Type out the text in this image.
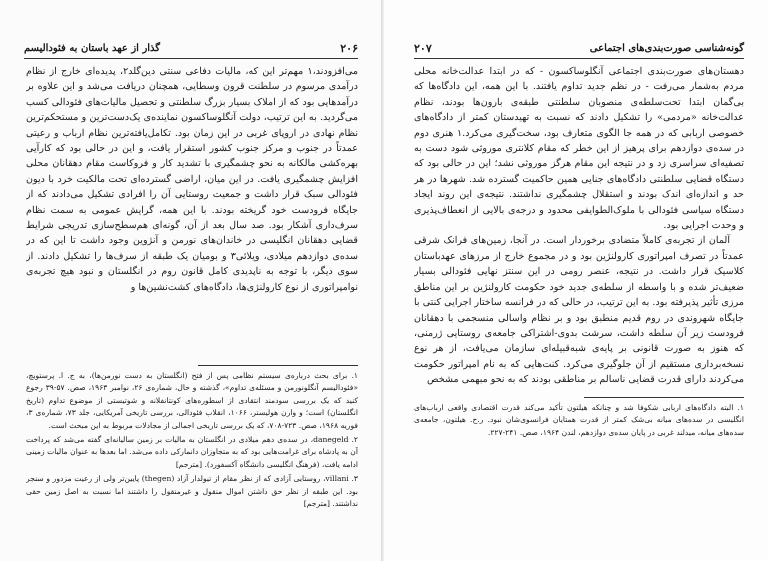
۲۰۶
گذار از عهد باستان به فئودالیسم

می‌افزودند،۱ مهم‌تر این که، مالیات دفاعی سنتی دین‌گلد۲، پدیده‌ای خارج از نظام درآمدی مرسوم در سلطنت قرون وسطایی، همچنان دریافت می‌شد و این علاوه بر درآمدهایی بود که از املاک بسیار بزرگ سلطنتی و تحصیل مالیات‌های فئودالی کسب می‌گردید. به این ترتیب، دولت آنگلوساکسون نماینده‌ی یک‌دست‌ترین و مستحکم‌ترین نظام نهادی در اروپای غربی در این زمان بود. تکامل‌یافته‌ترین نظام ارباب و رعیتی عمدتاً در جنوب و مرکز جنوب کشور استقرار یافت، و این در حالی بود که کارآیی بهره‌کشی مالکانه به نحو چشمگیری با تشدید کار و فروکاست مقام دهقانان محلی افزایش چشمگیری یافت. در این میان، اراضی گسترده‌ای تحت مالکیت خرد با دیون فئودالی سبک قرار داشت و جمعیت روستایی آن را افرادی تشکیل می‌دادند که از جایگاه فرودست خود گریخته بودند. با این همه، گرایش عمومی به سمت نظام سرف‌داری آشکار بود. صد سال بعد از آن، گونه‌ای هم‌سطح‌سازی تدریجی شرایط قضایی دهقانان انگلیسی در خاندان‌های نورمن و آنژوین وجود داشت تا این که در سده‌ی دوازدهم میلادی، ویلائی۳ و بومیان یک طبقه از سرف‌ها را تشکیل دادند. از سوی دیگر، با توجه به ناپدیدی کامل قانون روم در انگلستان و نبود هیچ تجربه‌ی نوامپراتوری از نوع کارولنژی‌ها، دادگاه‌های کشت‌نشین‌ها و

۱. برای بحث درباره‌ی سیستم نظامی پس از فتح (انگلستان به دست نورمن‌ها)، به ج. ا. پرستویچ، «فئودالیسم آنگلونورمن و مسئله‌ی تداوم»، گذشته و حال، شماره‌ی ۲۶، نوامبر ۱۹۶۳، صص. ۵۷-۳۹ رجوع کنید که یک بررسی سودمند انتقادی از اسطوره‌های کونتانفلانه و شوتیستی از موضوع تداوم (تاریخ انگلستان) است؛ و وارن هولیستر، ۱۰۶۶، انقلاب فئودالی، بررسی تاریخی آمریکایی، جلد ۷۳، شماره‌ی ۳، فوریه ۱۹۶۸، صص. ۷۲۳-۷۰۸، که یک بررسی تاریخی اجمالی از مجادلات مربوط به این مبحث است.

۲. danegeld، در سده‌ی دهم میلادی در انگلستان به مالیات بر زمین سالیانه‌ای گفته می‌شد که پرداخت آن به پادشاه برای غرامت‌هایی بود که به متجاوزان دانمارکی داده می‌شد. اما بعدها به عنوان مالیات زمینی ادامه یافت، (فرهنگ انگلیسی دانشگاه آکسفورد). [مترجم]

۳. villani، روستایی آزادی که از نظر مقام از تیولدار آزاد (thegen) پایین‌تر ولی از رعیت مزدور و سنجر بود. این طبقه از نظر حق داشتن اموال منقول و غیرمنقول را داشتند اما نسبت به اصل زمین حقی نداشتند. [مترجم]

گونه‌شناسی صورت‌بندی‌های اجتماعی
۲۰۷

دهستان‌های صورت‌بندی اجتماعی آنگلوساکسون - که در ابتدا عدالت‌خانه محلی مردم به‌شمار می‌رفت - در نظم جدید تداوم یافتند. با این همه، این دادگاه‌ها که بی‌گمان ابتدا تحت‌سلطه‌ی منصوبان سلطنتی طبقه‌ی بارون‌ها بودند، نظام عدالت‌خانه «مردمی» را تشکیل دادند که نسبت به تهیدستان کمتر از دادگاه‌های خصوصی اربابی که در همه جا الگوی متعارف بود، سخت‌گیری می‌کرد.۱ هنری دوم در سده‌ی دوازدهم برای پرهیز از این خطر که مقام کلانتری موروثی شود دست به تصفیه‌ای سراسری زد و در نتیجه این مقام هرگز موروثی نشد؛ این در حالی بود که دستگاه قضایی سلطنتی دادگاه‌های جنایی همین حاکمیت گسترده شد. شهرها در هر حد و اندازه‌ای اندک بودند و استقلال چشمگیری نداشتند. نتیجه‌ی این روند ایجاد دستگاه سیاسی فئودالی با ملوک‌الطوایفی محدود و درجه‌ی بالایی از انعطاف‌پذیری و وحدت اجرایی بود.

آلمان از تجربه‌ی کاملاً متضادی برخوردار است. در آنجا، زمین‌های فرانک شرقی عمدتاً در تصرف امپراتوری کارولنژین بود و در مجموع خارج از مرزهای عهدباستان کلاسیک قرار داشت. در نتیجه، عنصر رومی در این سنتز نهایی فئودالی بسیار ضعیف‌تر شده و با واسطه از سلطه‌ی جدید خود حکومت کارولنژین بر این مناطق مرزی تأثیر پذیرفته بود. به این ترتیب، در حالی که در فرانسه ساختار اجرایی کنتی با جایگاه شهروندی در روم قدیم منطبق بود و بر نظام واسالی منسجمی با دهقانان فرودست زیر آن سلطه داشت، سرشت بدوی-اشتراکی جامعه‌ی روستایی ژرمنی، که هنوز به صورت قانونی بر پایه‌ی شبه‌قبیله‌ای سازمان می‌یافت، از هر نوع نسخه‌برداری مستقیم از آن جلوگیری می‌کرد. کنت‌هایی که به نام امپراتور حکومت می‌کردند دارای قدرت قضایی ناسالم بر مناطقی بودند که به نحو مبهمی مشخص

۱. البته دادگاه‌های اربابی شکوفا شد و چنانکه هیلتون تأکید می‌کند قدرت اقتصادی واقعی ارباب‌های انگلیسی در سده‌های میانه بی‌شک کمتر از قدرت همتایان فرانسوی‌شان نبود. ر.ح. هیلتون، جامعه‌ی سده‌های میانه، میدلند غربی در پایان سده‌ی دوازدهم، لندن ۱۹۶۴، صص. ۲۴۱-۲۲۷.
